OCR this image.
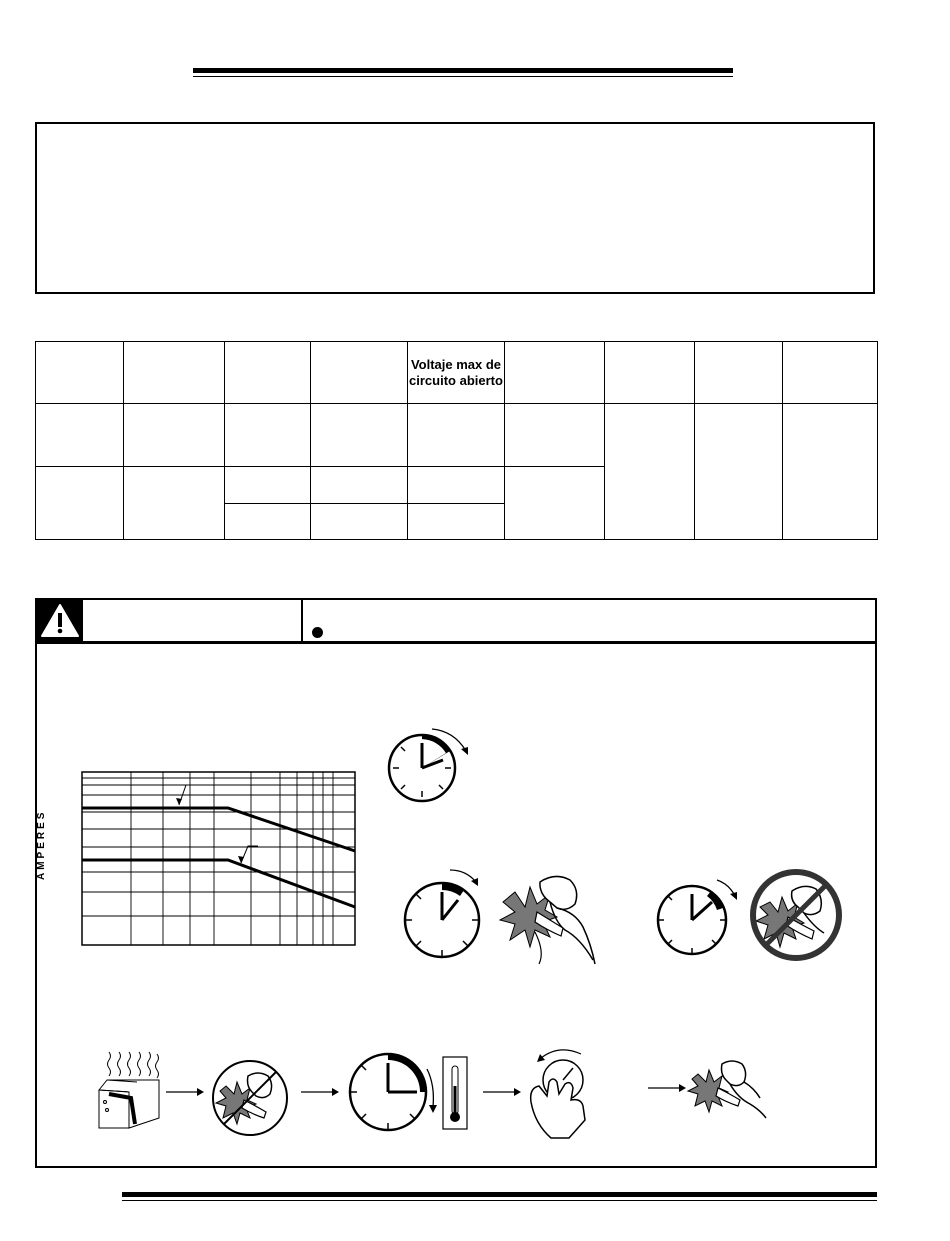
				Voltaje max de circuito abierto				

AMPERES
